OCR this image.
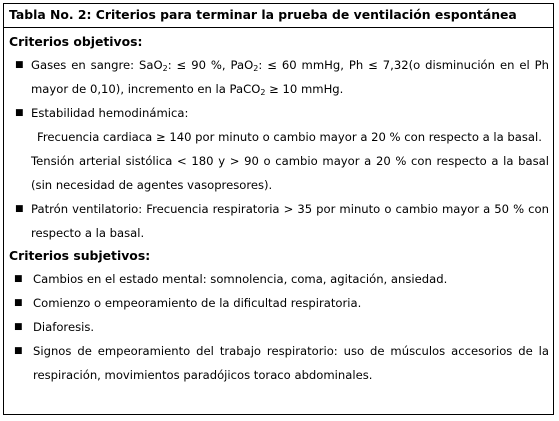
Tabla No. 2: Criterios para terminar la prueba de ventilación espontánea
Criterios objetivos:
■ Gases en sangre: SaO$_2$: ≤ 90 %, PaO$_2$: ≤ 60 mmHg, Ph ≤ 7,32(o disminución en el Ph mayor de 0,10), incremento en la PaCO$_2$ ≥ 10 mmHg.
■ Estabilidad hemodinámica:
Frecuencia cardiaca ≥ 140 por minuto o cambio mayor a 20 % con respecto a la basal.
Tensión arterial sistólica < 180 y > 90 o cambio mayor a 20 % con respecto a la basal (sin necesidad de agentes vasopresores).
■ Patrón ventilatorio: Frecuencia respiratoria > 35 por minuto o cambio mayor a 50 % con respecto a la basal.
Criterios subjetivos:
■ Cambios en el estado mental: somnolencia, coma, agitación, ansiedad.
■ Comienzo o empeoramiento de la dificultad respiratoria.
■ Diaforesis.
■ Signos de empeoramiento del trabajo respiratorio: uso de músculos accesorios de la respiración, movimientos paradójicos toraco abdominales.
